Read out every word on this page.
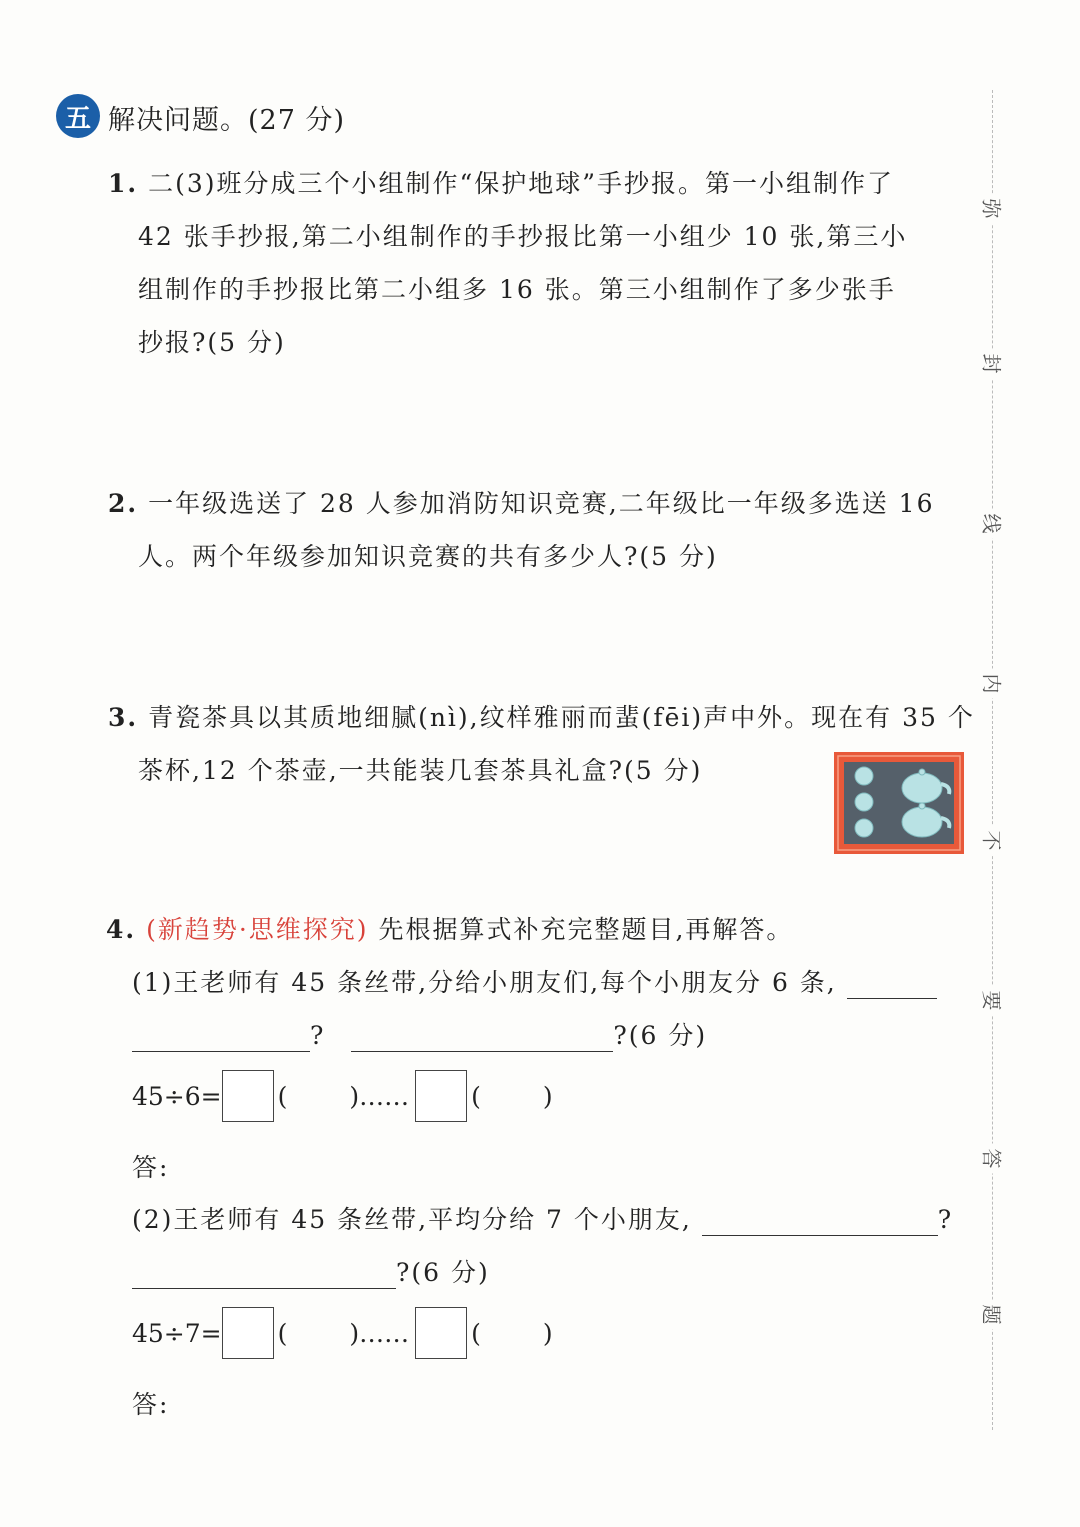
五 解决问题。(27 分)
1. 二(3)班分成三个小组制作“保护地球”手抄报。第一小组制作了
42 张手抄报,第二小组制作的手抄报比第一小组少 10 张,第三小
组制作的手抄报比第二小组多 16 张。第三小组制作了多少张手
抄报?(5 分)
2. 一年级选送了 28 人参加消防知识竞赛,二年级比一年级多选送 16
人。两个年级参加知识竞赛的共有多少人?(5 分)
3. 青瓷茶具以其质地细腻(nì),纹样雅丽而蜚(fēi)声中外。现在有 35 个
茶杯,12 个茶壶,一共能装几套茶具礼盒?(5 分)
4. (新趋势·思维探究) 先根据算式补充完整题目,再解答。
(1)王老师有 45 条丝带,分给小朋友们,每个小朋友分 6 条,
?	?(6 分)
45÷6= ( ) …… ( )
答:
(2)王老师有 45 条丝带,平均分给 7 个小朋友,	?
?(6 分)
45÷7= ( ) …… ( )
答:
弥
封
线
内
不
要
答
题
